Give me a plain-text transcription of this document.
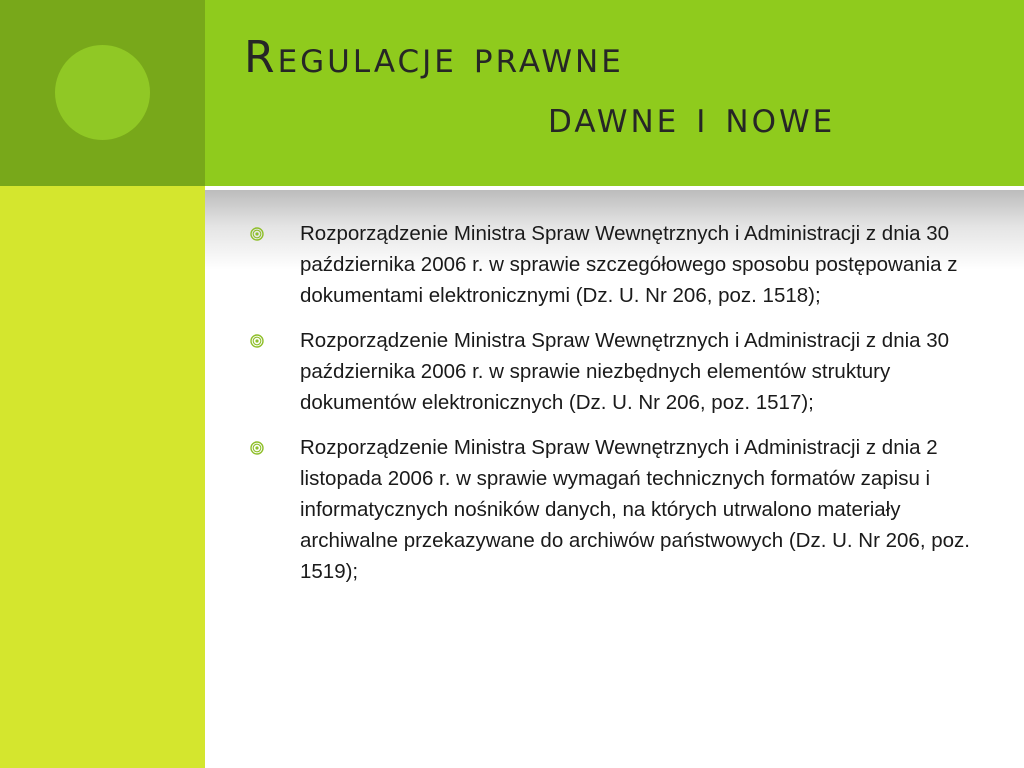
Regulacje prawne
dawne i nowe
Rozporządzenie Ministra Spraw Wewnętrznych i Administracji z dnia 30 października 2006 r. w sprawie szczegółowego sposobu postępowania z dokumentami elektronicznymi (Dz. U. Nr 206, poz. 1518);
Rozporządzenie Ministra Spraw Wewnętrznych i Administracji z dnia 30 października 2006 r. w sprawie niezbędnych elementów struktury dokumentów elektronicznych (Dz. U. Nr 206, poz. 1517);
Rozporządzenie Ministra Spraw Wewnętrznych i Administracji z dnia 2 listopada 2006 r. w sprawie wymagań technicznych formatów zapisu i informatycznych nośników danych, na których utrwalono materiały archiwalne przekazywane do archiwów państwowych (Dz. U. Nr 206, poz. 1519);
